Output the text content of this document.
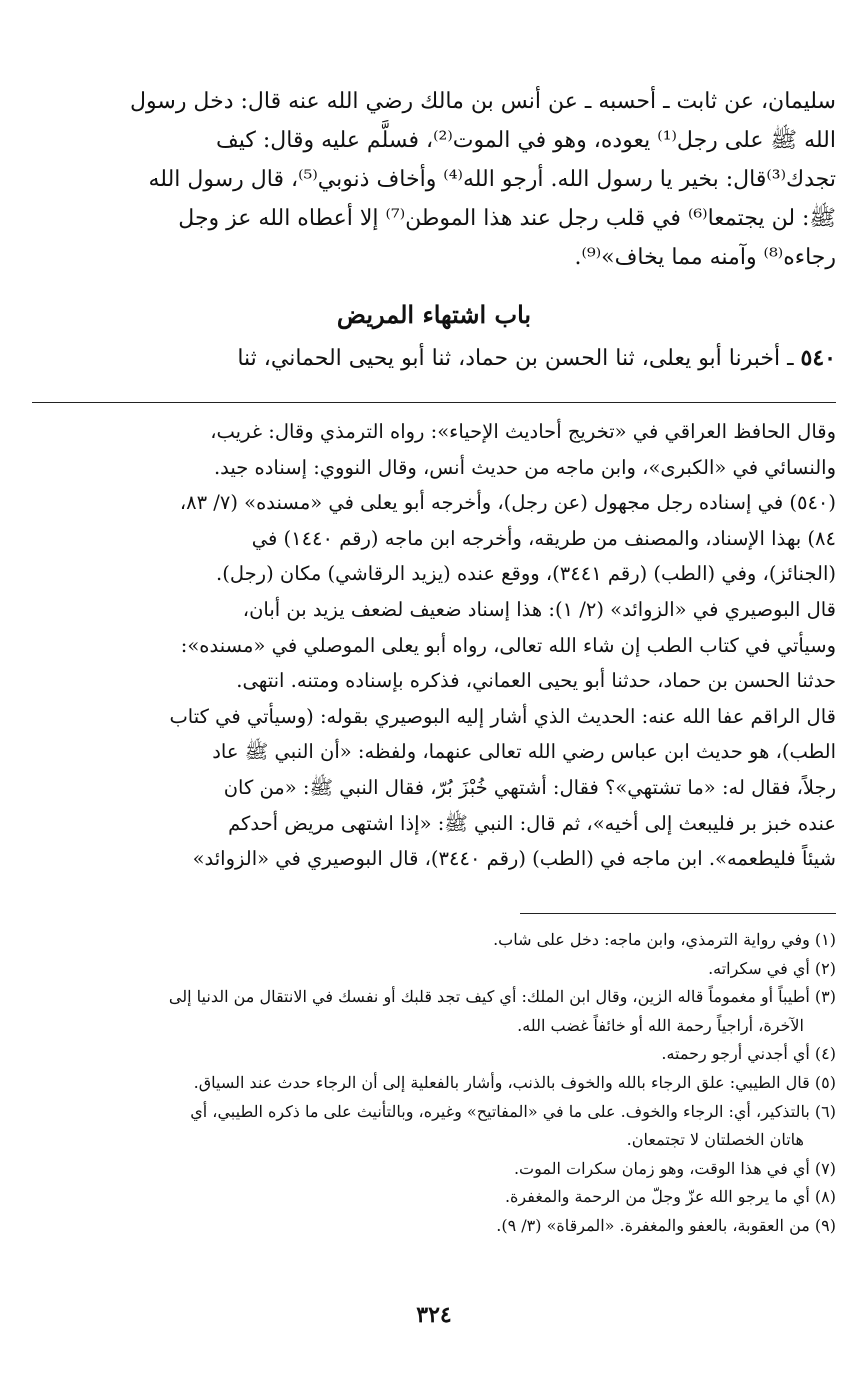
سليمان، عن ثابت ـ أحسبه ـ عن أنس بن مالك رضي الله عنه قال: دخل رسول

الله ﷺ على رجل⁽¹⁾ يعوده، وهو في الموت⁽²⁾، فسلَّم عليه وقال: كيف

تجدك⁽³⁾قال: بخير يا رسول الله. أرجو الله⁽⁴⁾ وأخاف ذنوبي⁽⁵⁾، قال رسول الله

ﷺ: لن يجتمعا⁽⁶⁾ في قلب رجل عند هذا الموطن⁽⁷⁾ إلا أعطاه الله عز وجل

رجاءه⁽⁸⁾ وآمنه مما يخاف»⁽⁹⁾.

باب اشتهاء المريض
٥٤٠ ـ أخبرنا أبو يعلى، ثنا الحسن بن حماد، ثنا أبو يحيى الحماني، ثنا

وقال الحافظ العراقي في «تخريج أحاديث الإحياء»: رواه الترمذي وقال: غريب،

والنسائي في «الكبرى»، وابن ماجه من حديث أنس، وقال النووي: إسناده جيد.

(٥٤٠) في إسناده رجل مجهول (عن رجل)، وأخرجه أبو يعلى في «مسنده» (٧/ ٨٣،

٨٤) بهذا الإسناد، والمصنف من طريقه، وأخرجه ابن ماجه (رقم ١٤٤٠) في

(الجنائز)، وفي (الطب) (رقم ٣٤٤١)، ووقع عنده (يزيد الرقاشي) مكان (رجل).

قال البوصيري في «الزوائد» (٢/ ١): هذا إسناد ضعيف لضعف يزيد بن أبان،

وسيأتي في كتاب الطب إن شاء الله تعالى، رواه أبو يعلى الموصلي في «مسنده»:

حدثنا الحسن بن حماد، حدثنا أبو يحيى العماني، فذكره بإسناده ومتنه. انتهى.

قال الراقم عفا الله عنه: الحديث الذي أشار إليه البوصيري بقوله: (وسيأتي في كتاب

الطب)، هو حديث ابن عباس رضي الله تعالى عنهما، ولفظه: «أن النبي ﷺ عاد

رجلاً، فقال له: «ما تشتهي»؟ فقال: أشتهي خُبْزَ بُرّ، فقال النبي ﷺ: «من كان

عنده خبز بر فليبعث إلى أخيه»، ثم قال: النبي ﷺ: «إذا اشتهى مريض أحدكم

شيئاً فليطعمه». ابن ماجه في (الطب) (رقم ٣٤٤٠)، قال البوصيري في «الزوائد»

(١) وفي رواية الترمذي، وابن ماجه: دخل على شاب.

(٢) أي في سكراته.

(٣) أطيباً أو مغموماً قاله الزين، وقال ابن الملك: أي كيف تجد قلبك أو نفسك في الانتقال من الدنيا إلى

الآخرة، أراجياً رحمة الله أو خائفاً غضب الله.

(٤) أي أجدني أرجو رحمته.

(٥) قال الطيبي: علق الرجاء بالله والخوف بالذنب، وأشار بالفعلية إلى أن الرجاء حدث عند السياق.

(٦) بالتذكير، أي: الرجاء والخوف. على ما في «المفاتيح» وغيره، وبالتأنيث على ما ذكره الطيبي، أي

هاتان الخصلتان لا تجتمعان.

(٧) أي في هذا الوقت، وهو زمان سكرات الموت.

(٨) أي ما يرجو الله عزّ وجلّ من الرحمة والمغفرة.

(٩) من العقوبة، بالعفو والمغفرة. «المرقاة» (٣/ ٩).

٣٢٤
